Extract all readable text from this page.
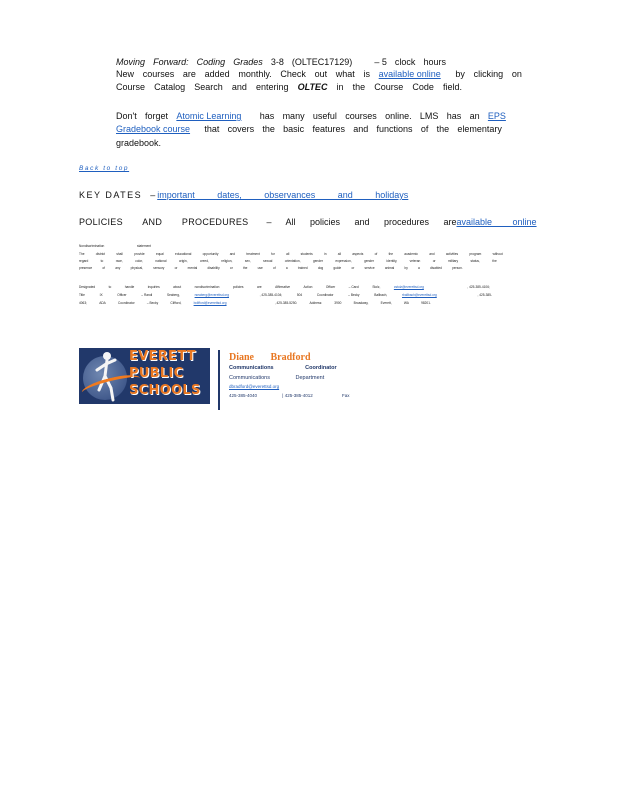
Moving Forward: Coding Grades 3-8 (OLTEC17129) – 5 clock hours
New courses are added monthly. Check out what is available online	by clicking on
Course Catalog Search and entering OLTEC in the Course Code field.
Don't forget Atomic Learning	has many useful courses online. LMS has an EPS
Gradebook course	that covers the basic features and functions of the elementary
gradebook.
Back to top
KEY DATES – important dates, observances and holidays
POLICIES AND PROCEDURES – All policies and procedures are available online
Nondiscrimination	statement
The	district	shall	provide	equal	educational	opportunity	and	treatment	for	all	students	in	all	aspects	of	the	academic	and	activities	program	without
regard	to	race,	color,	national	origin,	creed,	religion,	sex,	sexual	orientation,	gender	expression,	gender	identity,	veteran	or	military	status,	the
presence	of	any	physical,	sensory	or	mental	disability	or	the	use	of	a	trained	dog	guide	or	service	animal	by	a	disabled	person.
Designated	to	handle	inquiries	about	nondiscrimination	policies	are	Affirmative	Action	Officer	– Carol	Stolz,	cstolz@everettsd.org	, 425-385-4106;
Title	IX	Officer	– Randi	Seaberg,	rseaberg@everettsd.org	, 425-385-4104;	504	Coordinator	– Becky	Ballbach,	rballbach@everettsd.org	, 425-385-
4063;	ADA	Coordinator	– Becky	Clifford,	bclifford@everettsd.org	, 425-385-5250.	Address:	3900	Broadway,	Everett,	WA	98201.
EVERETT
PUBLIC
SCHOOLS
Diane Bradford
Communications	Coordinator
Communications	Department
dbradford@everettsd.org
425-385-4040	| 425-385-4012	Fax
